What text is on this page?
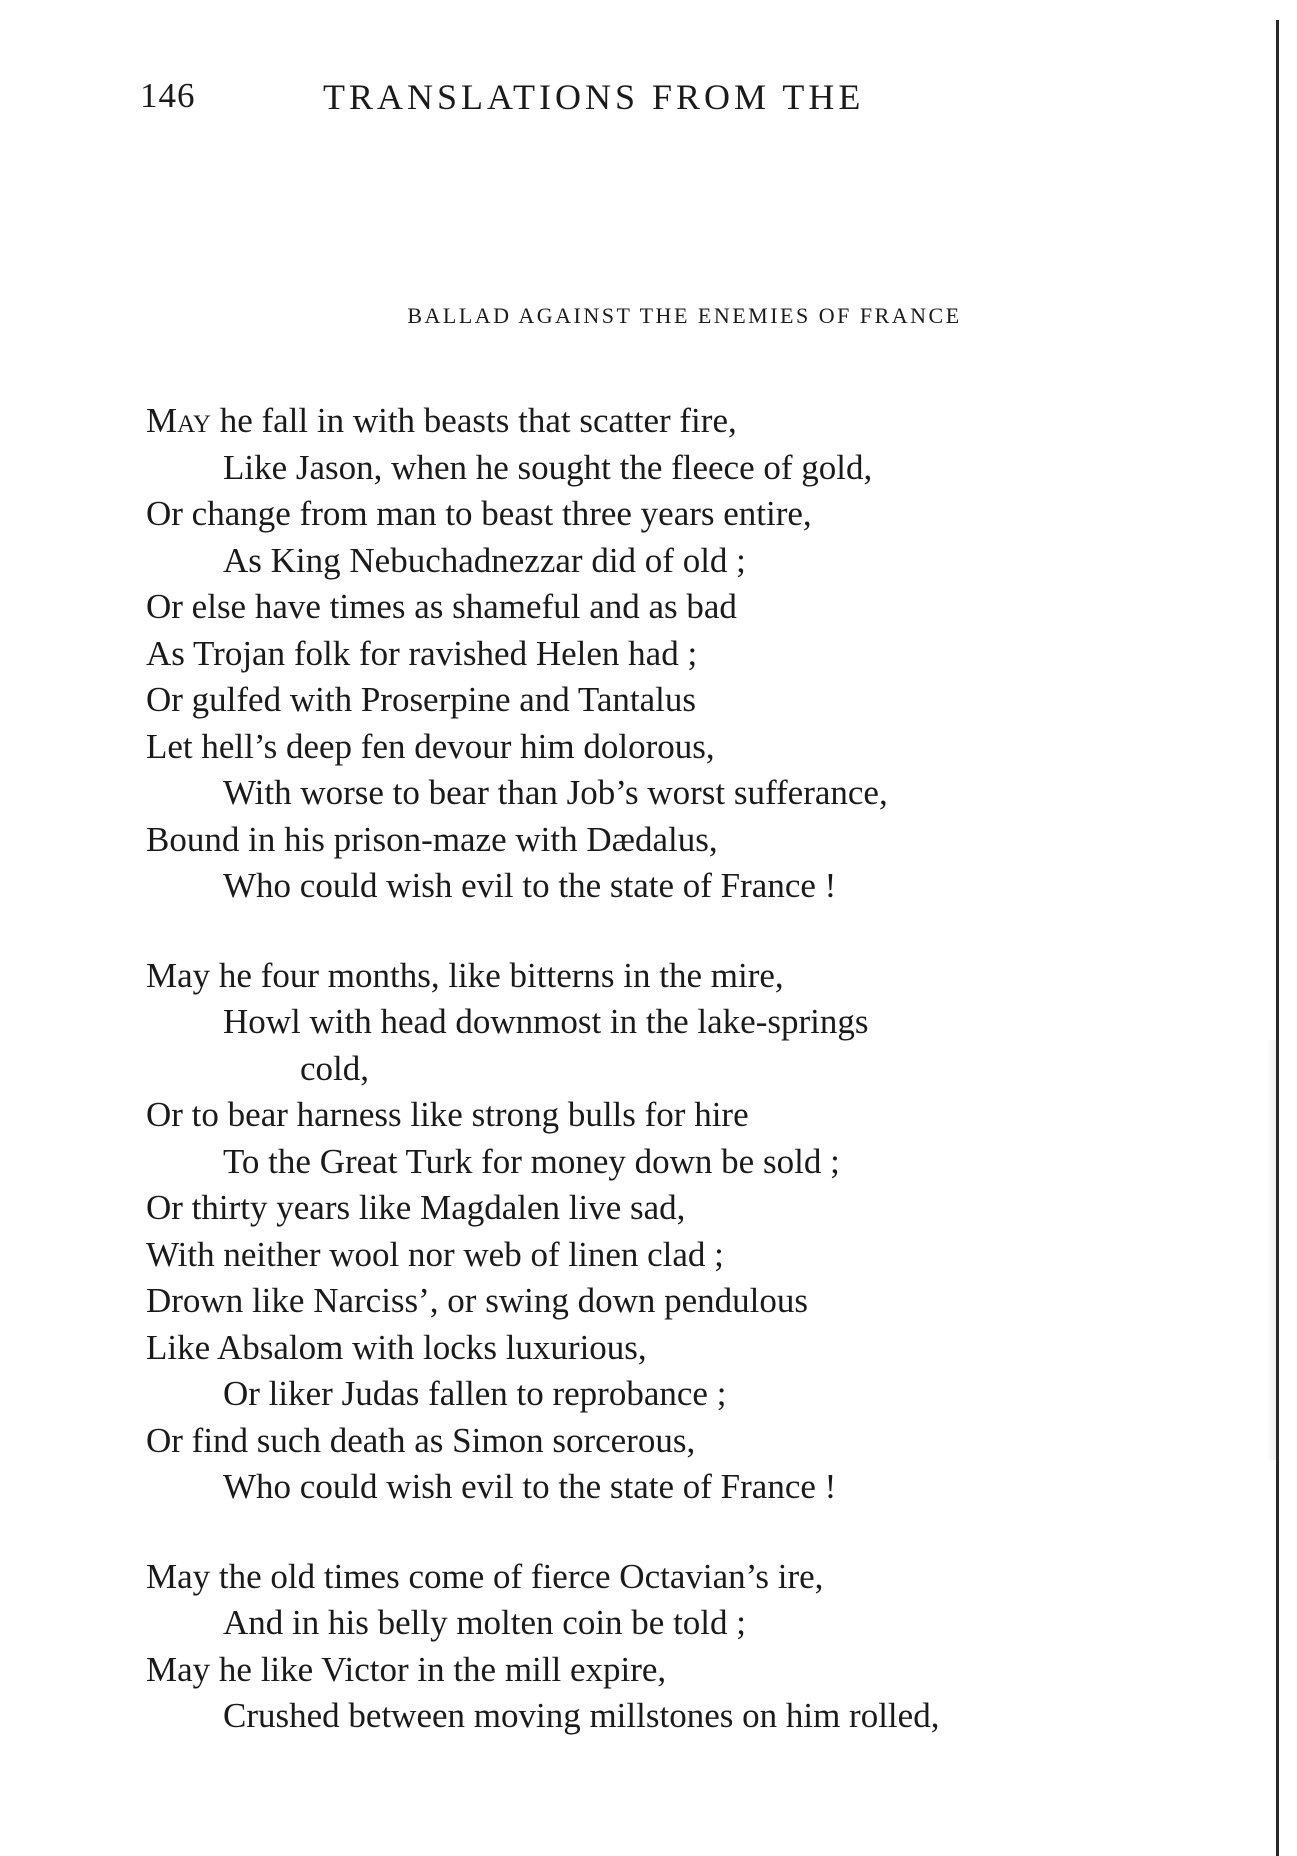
146	TRANSLATIONS FROM THE
BALLAD AGAINST THE ENEMIES OF FRANCE
May he fall in with beasts that scatter fire,
Like Jason, when he sought the fleece of gold,
Or change from man to beast three years entire,
As King Nebuchadnezzar did of old ;
Or else have times as shameful and as bad
As Trojan folk for ravished Helen had ;
Or gulfed with Proserpine and Tantalus
Let hell’s deep fen devour him dolorous,
With worse to bear than Job’s worst sufferance,
Bound in his prison-maze with Dædalus,
Who could wish evil to the state of France !
May he four months, like bitterns in the mire,
Howl with head downmost in the lake-springs
cold,
Or to bear harness like strong bulls for hire
To the Great Turk for money down be sold ;
Or thirty years like Magdalen live sad,
With neither wool nor web of linen clad ;
Drown like Narciss’, or swing down pendulous
Like Absalom with locks luxurious,
Or liker Judas fallen to reprobance ;
Or find such death as Simon sorcerous,
Who could wish evil to the state of France !
May the old times come of fierce Octavian’s ire,
And in his belly molten coin be told ;
May he like Victor in the mill expire,
Crushed between moving millstones on him rolled,
